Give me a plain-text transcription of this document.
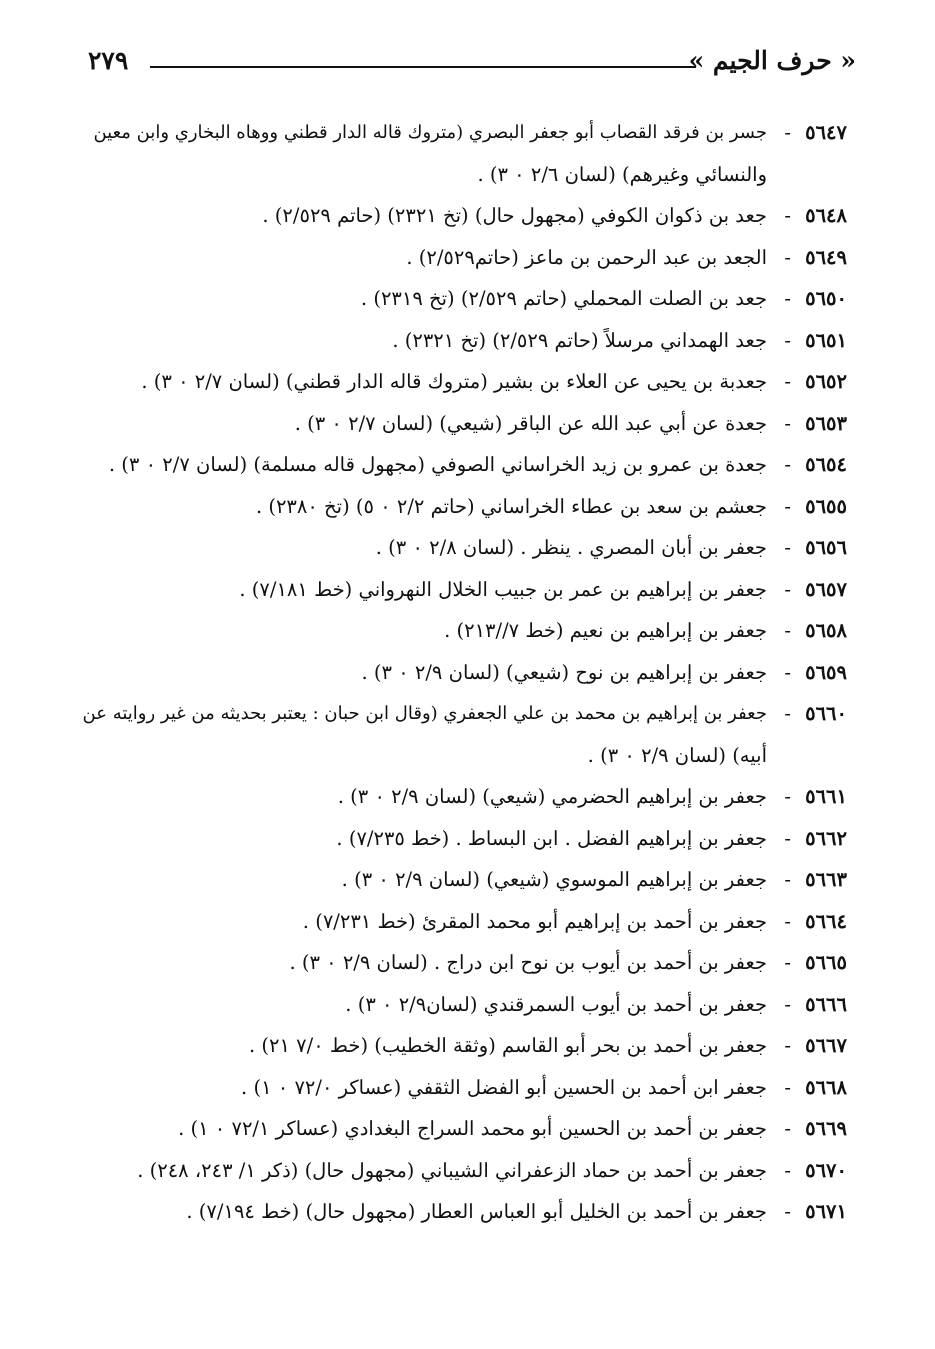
« حرف الجيم »
٢٧٩
٥٦٤٧
-
جسر بن فرقد القصاب أبو جعفر البصري (متروك قاله الدار قطني ووهاه البخاري وابن معين
والنسائي وغيرهم) (لسان ٢/٦ ٠ ٣) .
٥٦٤٨
-
جعد بن ذكوان الكوفي (مجهول حال) (تخ ٢٣٢١) (حاتم ٢/٥٢٩) .
٥٦٤٩
-
الجعد بن عبد الرحمن بن ماعز (حاتم٢/٥٢٩) .
٥٦٥٠
-
جعد بن الصلت المحملي (حاتم ٢/٥٢٩) (تخ ٢٣١٩) .
٥٦٥١
-
جعد الهمداني مرسلاً (حاتم ٢/٥٢٩) (تخ ٢٣٢١) .
٥٦٥٢
-
جعدبة بن يحيى عن العلاء بن بشير (متروك قاله الدار قطني) (لسان ٢/٧ ٠ ٣) .
٥٦٥٣
-
جعدة عن أبي عبد الله عن الباقر (شيعي) (لسان ٢/٧ ٠ ٣) .
٥٦٥٤
-
جعدة بن عمرو بن زيد الخراساني الصوفي (مجهول قاله مسلمة) (لسان ٢/٧ ٠ ٣) .
٥٦٥٥
-
جعشم بن سعد بن عطاء الخراساني (حاتم ٢/٢ ٠ ٥) (تخ ٢٣٨٠) .
٥٦٥٦
-
جعفر بن أبان المصري . ينظر . (لسان ٢/٨ ٠ ٣) .
٥٦٥٧
-
جعفر بن إبراهيم بن عمر بن جبيب الخلال النهرواني (خط ٧/١٨١) .
٥٦٥٨
-
جعفر بن إبراهيم بن نعيم (خط ٧//٢١٣) .
٥٦٥٩
-
جعفر بن إبراهيم بن نوح (شيعي) (لسان ٢/٩ ٠ ٣) .
٥٦٦٠
-
جعفر بن إبراهيم بن محمد بن علي الجعفري (وقال ابن حبان : يعتبر بحديثه من غير روايته عن
أبيه) (لسان ٢/٩ ٠ ٣) .
٥٦٦١
-
جعفر بن إبراهيم الحضرمي (شيعي) (لسان ٢/٩ ٠ ٣) .
٥٦٦٢
-
جعفر بن إبراهيم الفضل . ابن البساط . (خط ٧/٢٣٥) .
٥٦٦٣
-
جعفر بن إبراهيم الموسوي (شيعي) (لسان ٢/٩ ٠ ٣) .
٥٦٦٤
-
جعفر بن أحمد بن إبراهيم أبو محمد المقرئ (خط ٧/٢٣١) .
٥٦٦٥
-
جعفر بن أحمد بن أيوب بن نوح ابن دراج . (لسان ٢/٩ ٠ ٣) .
٥٦٦٦
-
جعفر بن أحمد بن أيوب السمرقندي (لسان٢/٩ ٠ ٣) .
٥٦٦٧
-
جعفر بن أحمد بن بحر أبو القاسم (وثقة الخطيب) (خط ٧/٠ ٢١) .
٥٦٦٨
-
جعفر ابن أحمد بن الحسين أبو الفضل الثقفي (عساكر ٧٢/٠ ٠ ١) .
٥٦٦٩
-
جعفر بن أحمد بن الحسين أبو محمد السراج البغدادي (عساكر ٧٢/١ ٠ ١) .
٥٦٧٠
-
جعفر بن أحمد بن حماد الزعفراني الشيباني (مجهول حال) (ذكر ١/ ٢٤٣، ٢٤٨) .
٥٦٧١
-
جعفر بن أحمد بن الخليل أبو العباس العطار (مجهول حال) (خط ٧/١٩٤) .
